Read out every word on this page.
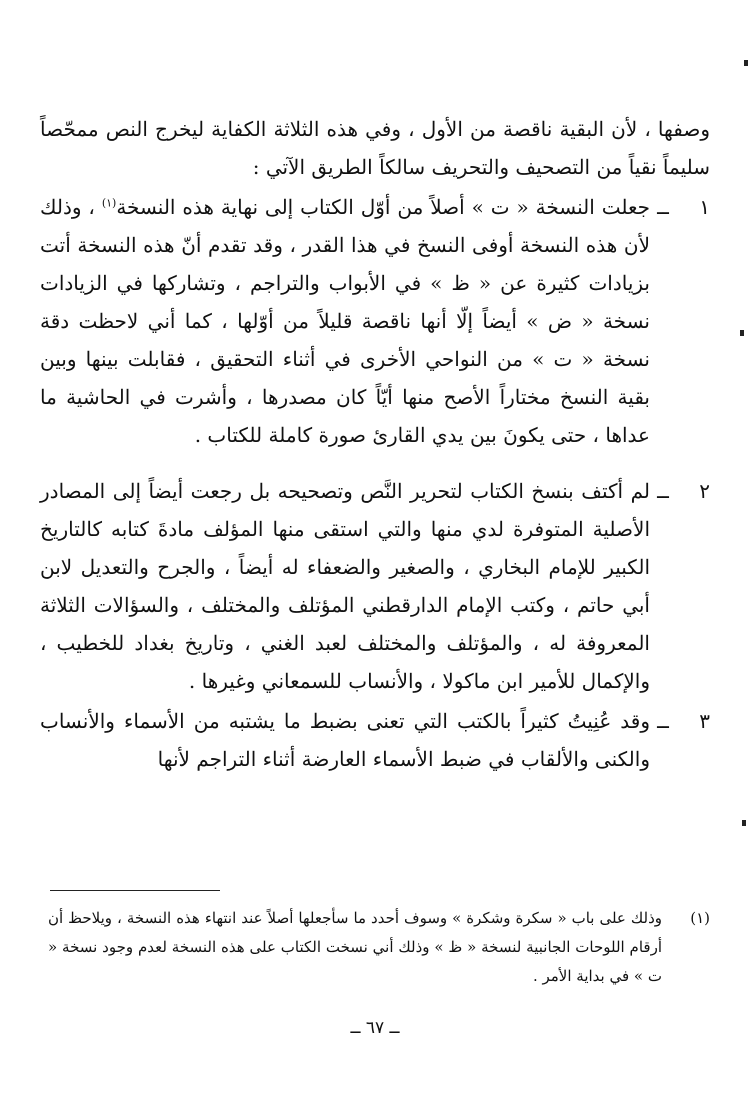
وصفها ، لأن البقية ناقصة من الأول ، وفي هذه الثلاثة الكفاية ليخرج النص ممحّصاً سليماً نقياً من التصحيف والتحريف سالكاً الطريق الآتي :

١
ــ
جعلت النسخة « ت » أصلاً من أوّل الكتاب إلى نهاية هذه النسخة$^{(١)}$ ، وذلك لأن هذه النسخة أوفى النسخ في هذا القدر ، وقد تقدم أنّ هذه النسخة أتت بزيادات كثيرة عن « ظ » في الأبواب والتراجم ، وتشاركها في الزيادات نسخة « ض » أيضاً إلّا أنها ناقصة قليلاً من أوّلها ، كما أني لاحظت دقة نسخة « ت » من النواحي الأخرى في أثناء التحقيق ، فقابلت بينها وبين بقية النسخ مختاراً الأصح منها أيّاً كان مصدرها ، وأشرت في الحاشية ما عداها ، حتى يكونَ بين يدي القارئ صورة كاملة للكتاب .
٢
ــ
لم أكتف بنسخ الكتاب لتحرير النَّص وتصحيحه بل رجعت أيضاً إلى المصادر الأصلية المتوفرة لدي منها والتي استقى منها المؤلف مادةَ كتابه كالتاريخ الكبير للإمام البخاري ، والصغير والضعفاء له أيضاً ، والجرح والتعديل لابن أبي حاتم ، وكتب الإمام الدارقطني المؤتلف والمختلف ، والسؤالات الثلاثة المعروفة له ، والمؤتلف والمختلف لعبد الغني ، وتاريخ بغداد للخطيب ، والإكمال للأمير ابن ماكولا ، والأنساب للسمعاني وغيرها .
٣
ــ
وقد عُنِيتُ كثيراً بالكتب التي تعنى بضبط ما يشتبه من الأسماء والأنساب والكنى والألقاب في ضبط الأسماء العارضة أثناء التراجم لأنها
(١)
وذلك على باب « سكرة وشكرة » وسوف أحدد ما سأجعلها أصلاً عند انتهاء هذه النسخة ، ويلاحظ أن أرقام اللوحات الجانبية لنسخة « ظ » وذلك أني نسخت الكتاب على هذه النسخة لعدم وجود نسخة « ت » في بداية الأمر .
ــ ٦٧ ــ
